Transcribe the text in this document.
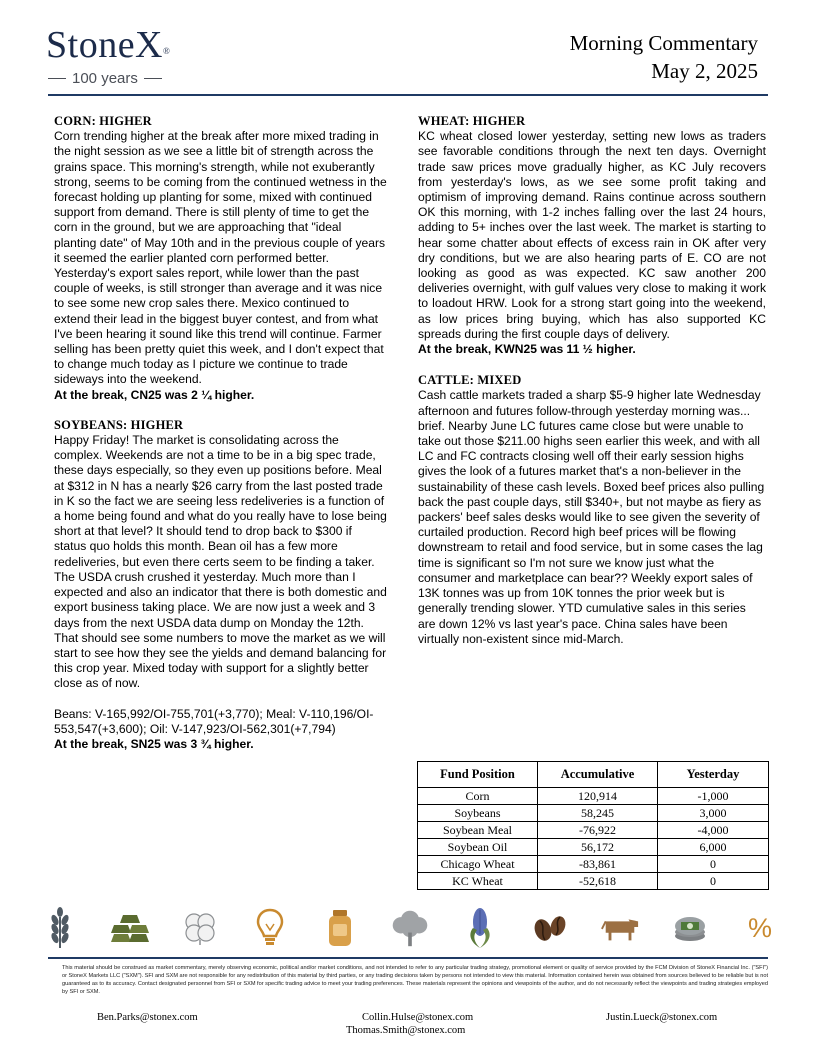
StoneX®
100 years
Morning Commentary
May 2, 2025
CORN: HIGHER
Corn trending higher at the break after more mixed trading in the night session as we see a little bit of strength across the grains space. This morning's strength, while not exuberantly strong, seems to be coming from the continued wetness in the forecast holding up planting for some, mixed with continued support from demand. There is still plenty of time to get the corn in the ground, but we are approaching that "ideal planting date" of May 10th and in the previous couple of years it seemed the earlier planted corn performed better. Yesterday's export sales report, while lower than the past couple of weeks, is still stronger than average and it was nice to see some new crop sales there. Mexico continued to extend their lead in the biggest buyer contest, and from what I've been hearing it sound like this trend will continue. Farmer selling has been pretty quiet this week, and I don't expect that to change much today as I picture we continue to trade sideways into the weekend.
At the break, CN25 was 2 ¼ higher.
SOYBEANS: HIGHER
Happy Friday! The market is consolidating across the complex. Weekends are not a time to be in a big spec trade, these days especially, so they even up positions before. Meal at $312 in N has a nearly $26 carry from the last posted trade in K so the fact we are seeing less redeliveries is a function of a home being found and what do you really have to lose being short at that level? It should tend to drop back to $300 if status quo holds this month. Bean oil has a few more redeliveries, but even there certs seem to be finding a taker. The USDA crush crushed it yesterday. Much more than I expected and also an indicator that there is both domestic and export business taking place. We are now just a week and 3 days from the next USDA data dump on Monday the 12th. That should see some numbers to move the market as we will start to see how they see the yields and demand balancing for this crop year. Mixed today with support for a slightly better close as of now.
Beans: V-165,992/OI-755,701(+3,770); Meal: V-110,196/OI-553,547(+3,600); Oil: V-147,923/OI-562,301(+7,794)
At the break, SN25 was 3 ¾ higher.
WHEAT: HIGHER
KC wheat closed lower yesterday, setting new lows as traders see favorable conditions through the next ten days. Overnight trade saw prices move gradually higher, as KC July recovers from yesterday's lows, as we see some profit taking and optimism of improving demand. Rains continue across southern OK this morning, with 1-2 inches falling over the last 24 hours, adding to 5+ inches over the last week. The market is starting to hear some chatter about effects of excess rain in OK after very dry conditions, but we are also hearing parts of E. CO are not looking as good as was expected. KC saw another 200 deliveries overnight, with gulf values very close to making it work to loadout HRW. Look for a strong start going into the weekend, as low prices bring buying, which has also supported KC spreads during the first couple days of delivery.
At the break, KWN25 was 11 ½ higher.
CATTLE: MIXED
Cash cattle markets traded a sharp $5-9 higher late Wednesday afternoon and futures follow-through yesterday morning was... brief. Nearby June LC futures came close but were unable to take out those $211.00 highs seen earlier this week, and with all LC and FC contracts closing well off their early session highs gives the look of a futures market that's a non-believer in the sustainability of these cash levels. Boxed beef prices also pulling back the past couple days, still $340+, but not maybe as fiery as packers' beef sales desks would like to see given the severity of curtailed production. Record high beef prices will be flowing downstream to retail and food service, but in some cases the lag time is significant so I'm not sure we know just what the consumer and marketplace can bear?? Weekly export sales of 13K tonnes was up from 10K tonnes the prior week but is generally trending slower. YTD cumulative sales in this series are down 12% vs last year's pace. China sales have been virtually non-existent since mid-March.
Fund Position	Accumulative	Yesterday
Corn	120,914	-1,000
Soybeans	58,245	3,000
Soybean Meal	-76,922	-4,000
Soybean Oil	56,172	6,000
Chicago Wheat	-83,861	0
KC Wheat	-52,618	0
%
This material should be construed as market commentary, merely observing economic, political and/or market conditions, and not intended to refer to any particular trading strategy, promotional element or quality of service provided by the FCM Division of StoneX Financial Inc. ("SFI") or StoneX Markets LLC ("SXM"). SFI and SXM are not responsible for any redistribution of this material by third parties, or any trading decisions taken by persons not intended to view this material. Information contained herein was obtained from sources believed to be reliable but is not guaranteed as to its accuracy. Contact designated personnel from SFI or SXM for specific trading advice to meet your trading preferences. These materials represent the opinions and viewpoints of the author, and do not necessarily reflect the viewpoints and trading strategies employed by SFI or SXM.
Ben.Parks@stonex.com	Collin.Hulse@stonex.com
Thomas.Smith@stonex.com
Justin.Lueck@stonex.com
